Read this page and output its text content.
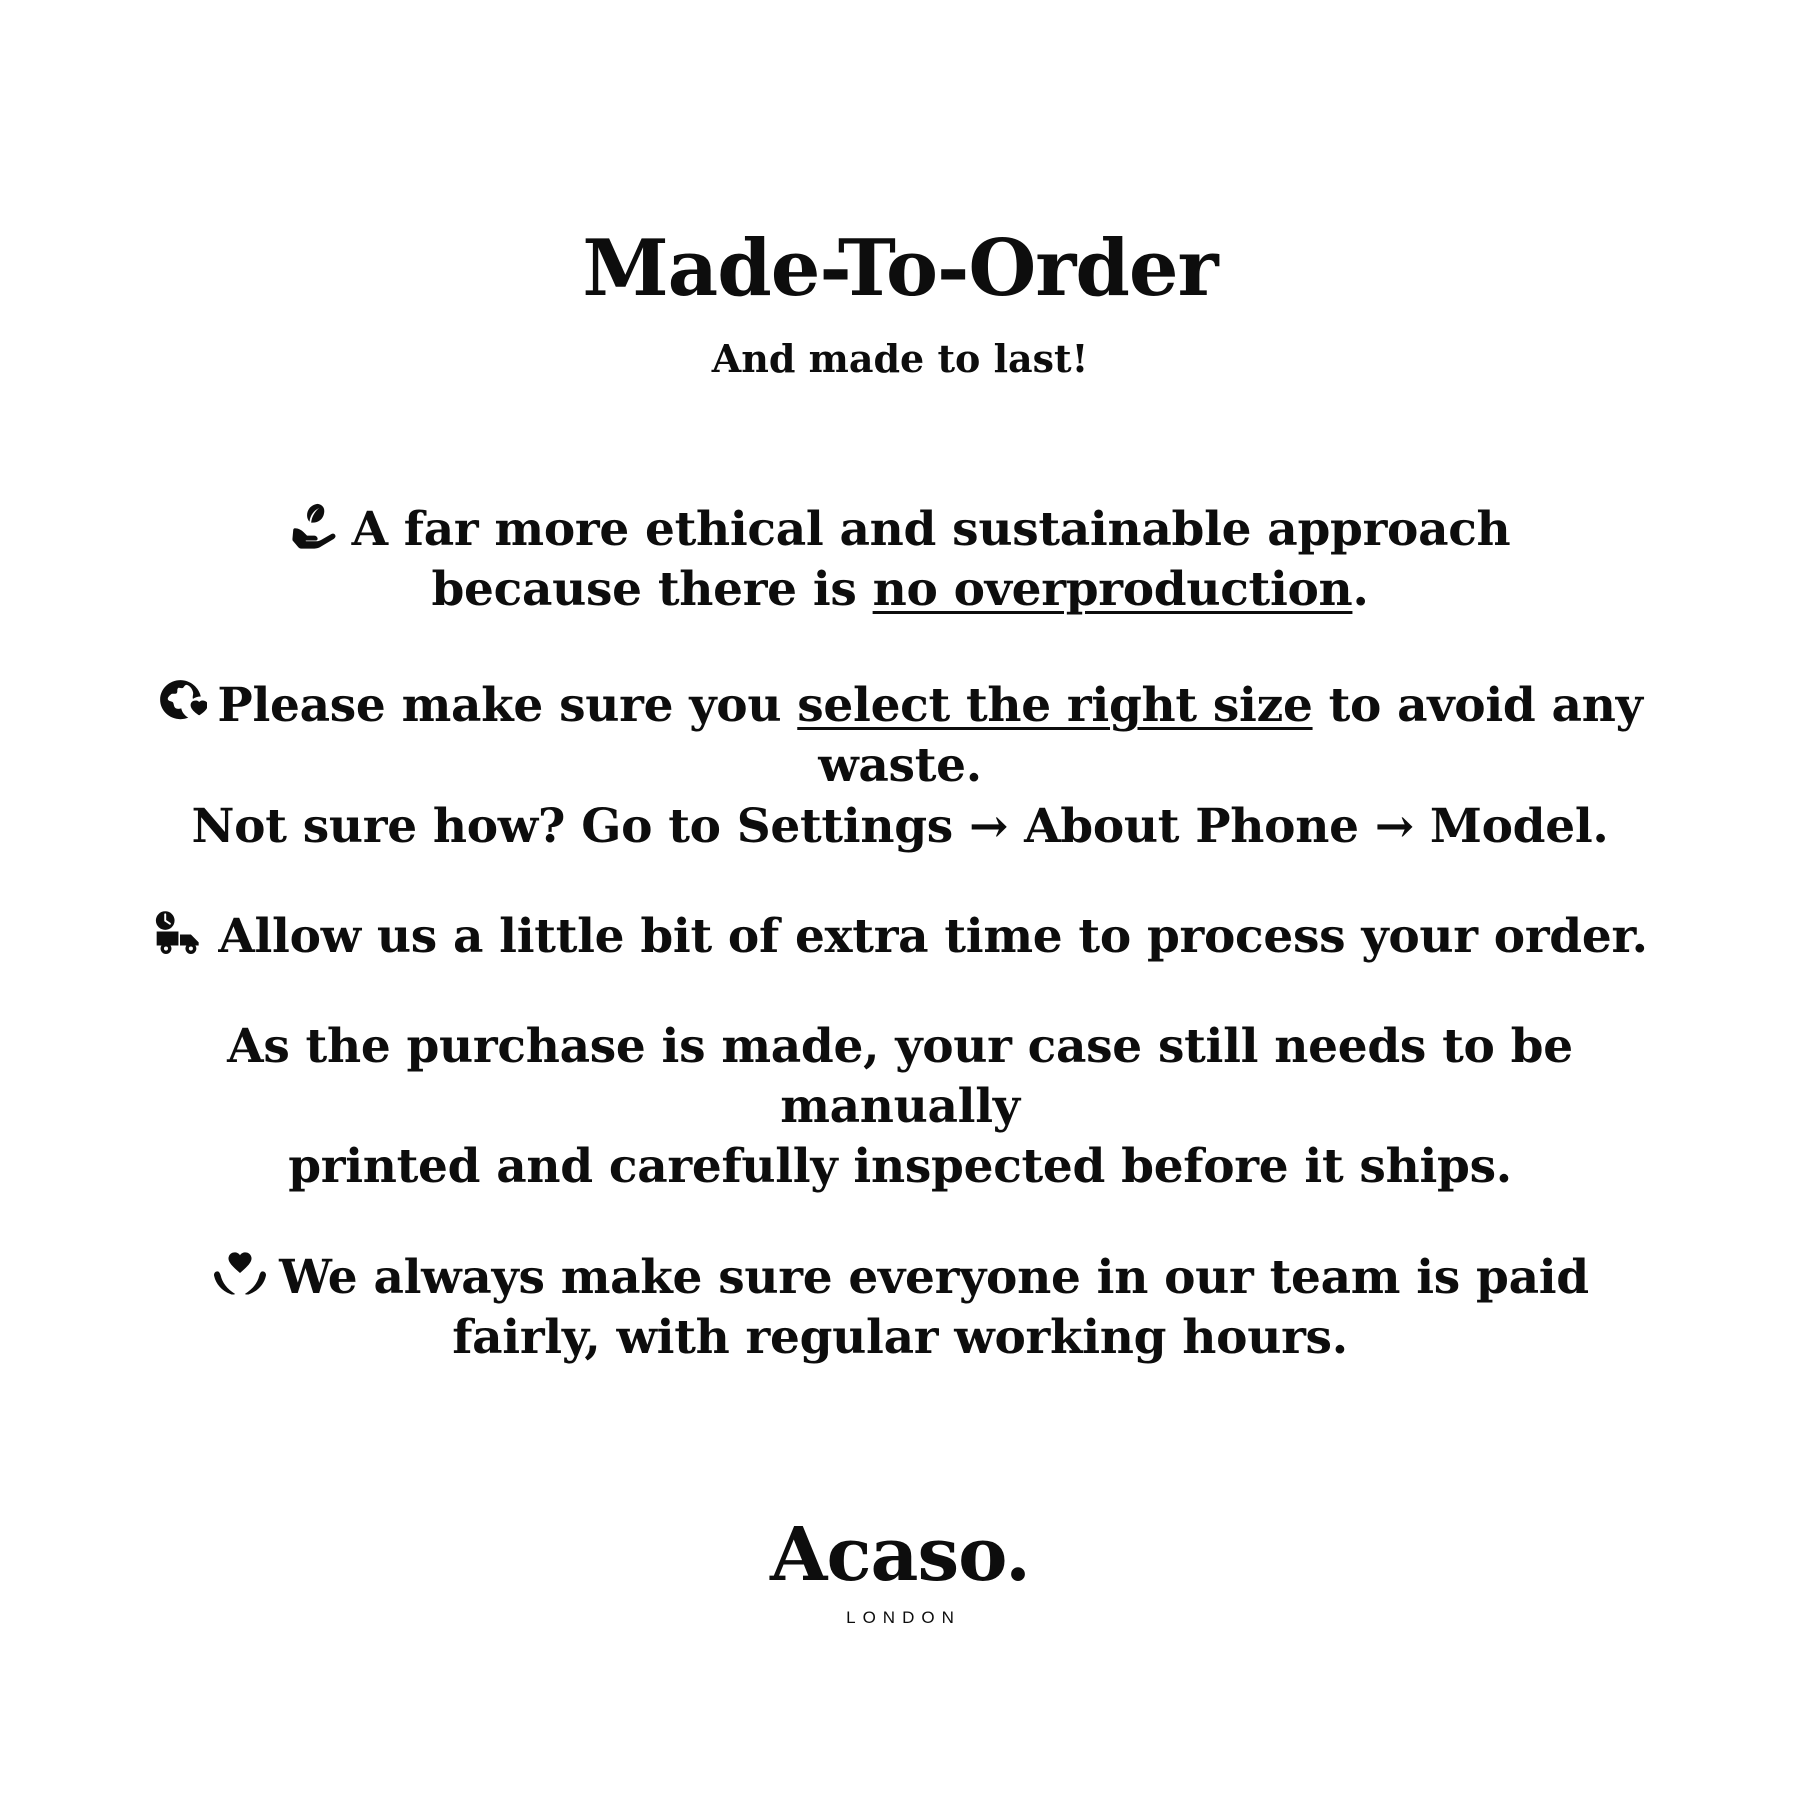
Made-To-Order
And made to last!
A far more ethical and sustainable approach
because there is no overproduction.
Please make sure you select the right size to avoid any waste.
Not sure how? Go to Settings → About Phone → Model.
Allow us a little bit of extra time to process your order.
As the purchase is made, your case still needs to be manually
printed and carefully inspected before it ships.
We always make sure everyone in our team is paid
fairly, with regular working hours.
Acaso.
LONDON
